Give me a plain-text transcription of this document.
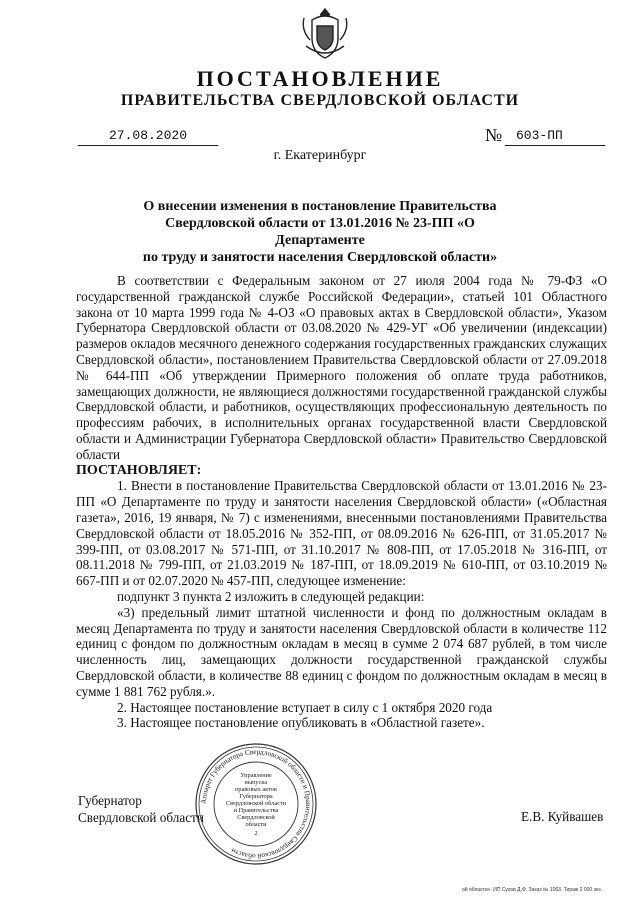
ПОСТАНОВЛЕНИЕ
ПРАВИТЕЛЬСТВА СВЕРДЛОВСКОЙ ОБЛАСТИ
27.08.2020	№ 603-ПП
г. Екатеринбург
О внесении изменения в постановление Правительства
Свердловской области от 13.01.2016 № 23-ПП «О Департаменте
по труду и занятости населения Свердловской области»

В соответствии с Федеральным законом от 27 июля 2004 года № 79-ФЗ «О государственной гражданской службе Российской Федерации», статьей 101 Областного закона от 10 марта 1999 года № 4-ОЗ «О правовых актах в Свердловской области», Указом Губернатора Свердловской области от 03.08.2020 № 429-УГ «Об увеличении (индексации) размеров окладов месячного денежного содержания государственных гражданских служащих Свердловской области», постановлением Правительства Свердловской области от 27.09.2018 № 644-ПП «Об утверждении Примерного положения об оплате труда работников, замещающих должности, не являющиеся должностями государственной гражданской службы Свердловской области, и работников, осуществляющих профессиональную деятельность по профессиям рабочих, в исполнительных органах государственной власти Свердловской области и Администрации Губернатора Свердловской области» Правительство Свердловской области

ПОСТАНОВЛЯЕТ:

1. Внести в постановление Правительства Свердловской области от 13.01.2016 № 23-ПП «О Департаменте по труду и занятости населения Свердловской области» («Областная газета», 2016, 19 января, № 7) с изменениями, внесенными постановлениями Правительства Свердловской области от 18.05.2016 № 352-ПП, от 08.09.2016 № 626-ПП, от 31.05.2017 № 399-ПП, от 03.08.2017 № 571-ПП, от 31.10.2017 № 808-ПП, от 17.05.2018 № 316-ПП, от 08.11.2018 № 799-ПП, от 21.03.2019 № 187-ПП, от 18.09.2019 № 610-ПП, от 03.10.2019 № 667-ПП и от 02.07.2020 № 457-ПП, следующее изменение:

подпункт 3 пункта 2 изложить в следующей редакции:

«3) предельный лимит штатной численности и фонд по должностным окладам в месяц Департамента по труду и занятости населения Свердловской области в количестве 112 единиц с фондом по должностным окладам в месяц в сумме 2 074 687 рублей, в том числе численность лиц, замещающих должности государственной гражданской службы Свердловской области, в количестве 88 единиц с фондом по должностным окладам в месяц в сумме 1 881 762 рубля.».

2. Настоящее постановление вступает в силу с 1 октября 2020 года

3. Настоящее постановление опубликовать в «Областной газете».

Губернатор
Свердловской области	Е.В. Куйвашев
Аппарат Губернатора Свердловской области и Правительства Свердловской области
Управление
выпуска
правовых актов
Губернатора
Свердловской области
и Правительства
Свердловской
области
2
ой области». ИП Сухов Д.Ф. Заказ № 1063. Тираж 2 000 экз.
